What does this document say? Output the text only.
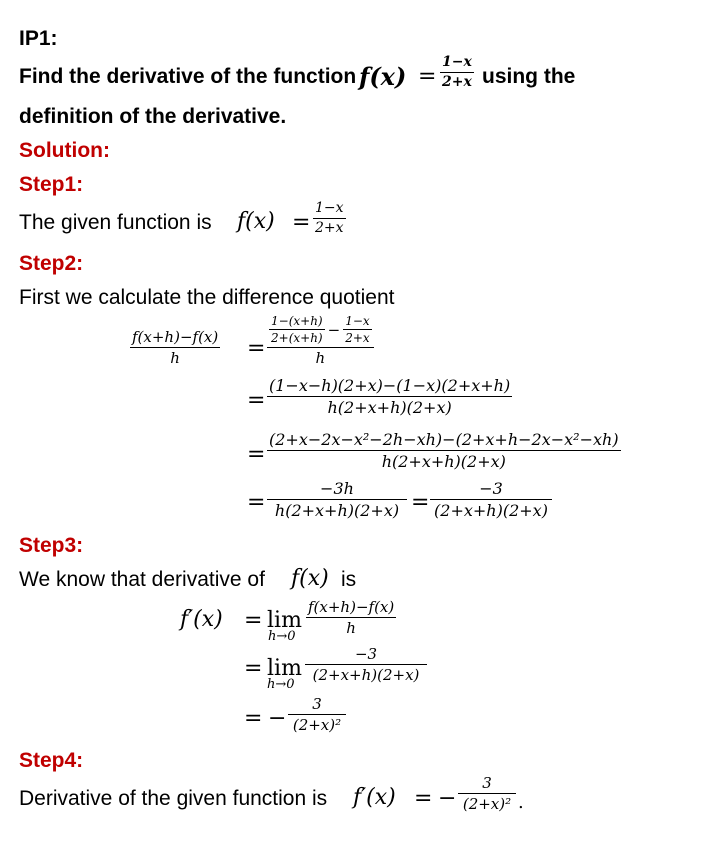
IP1:
Find the derivative of the function f(x) =
1−x
2+x using the
definition of the derivative.
Solution:
Step1:
The given function is f(x) =
1−x
2+x
Step2:
First we calculate the difference quotient
f(x+h)−f(x)
h	=
$\frac{1-(x+h)}{2+(x+h)} - \frac{1-x}{2+x}$
h
=
(1−x−h)(2+x)−(1−x)(2+x+h)
h(2+x+h)(2+x)
=
(2+x−2x−x²−2h−xh)−(2+x+h−2x−x²−xh)
h(2+x+h)(2+x)
=
−3h
h(2+x+h)(2+x) =
−3
(2+x+h)(2+x)
Step3:
We know that derivative of f(x) is
f′(x) = lim
h→0
f(x+h)−f(x)
h
= lim
h→0
−3
(2+x+h)(2+x)
= −
3
(2+x)²
Step4:
Derivative of the given function is f′(x) = −
3
(2+x)² .
